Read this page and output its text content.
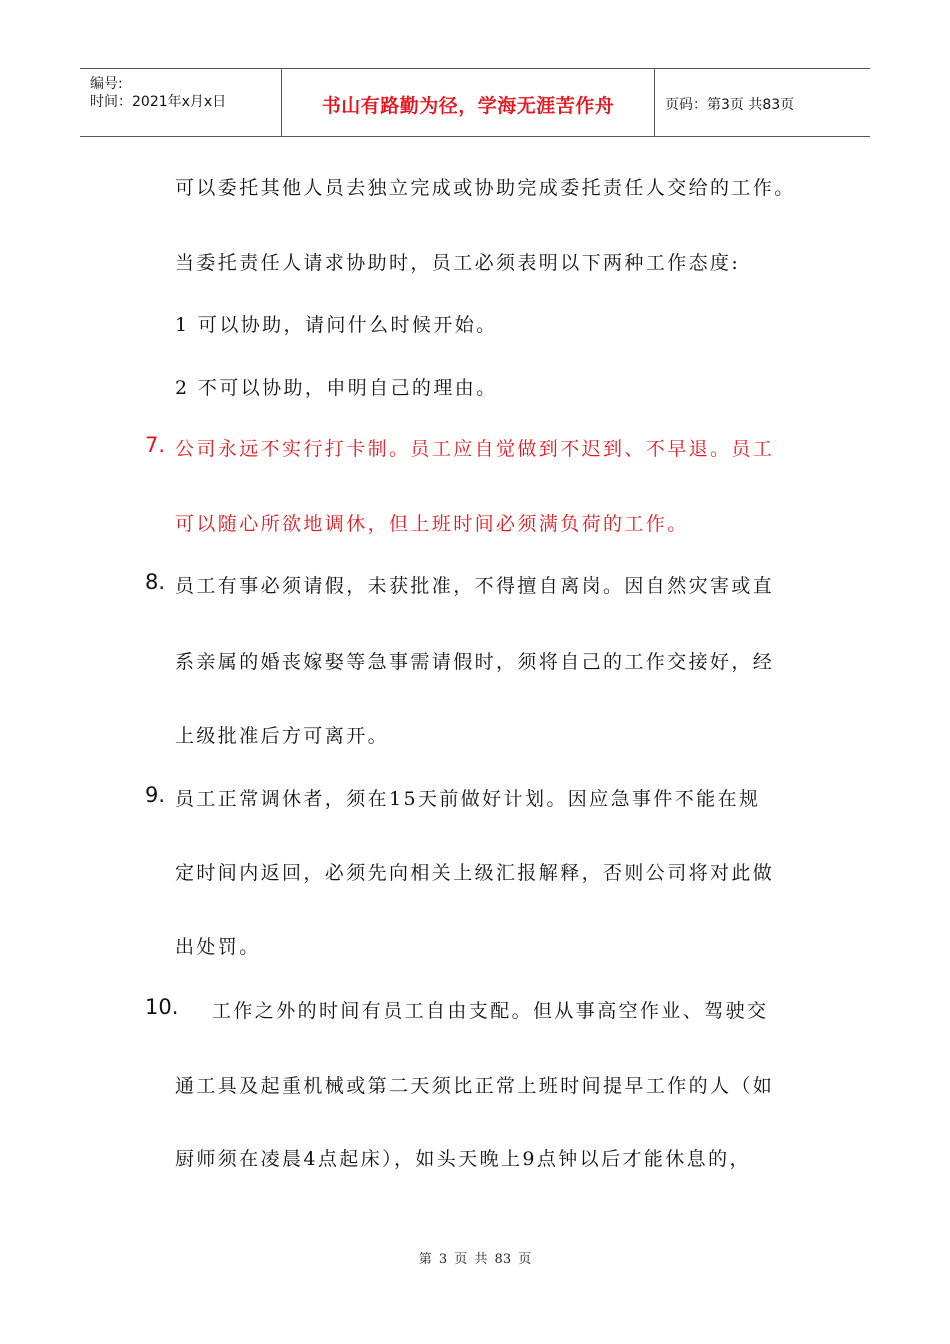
编号:
时间：2021年x月x日	书山有路勤为径，学海无涯苦作舟	页码：第3页 共83页
可以委托其他人员去独立完成或协助完成委托责任人交给的工作。
当委托责任人请求协助时，员工必须表明以下两种工作态度:
1 可以协助，请问什么时候开始。
2 不可以协助，申明自己的理由。
7. 公司永远不实行打卡制。员工应自觉做到不迟到、不早退。员工
可以随心所欲地调休，但上班时间必须满负荷的工作。
8. 员工有事必须请假，未获批准，不得擅自离岗。因自然灾害或直
系亲属的婚丧嫁娶等急事需请假时，须将自己的工作交接好，经
上级批准后方可离开。
9. 员工正常调休者，须在15天前做好计划。因应急事件不能在规
定时间内返回，必须先向相关上级汇报解释，否则公司将对此做
出处罚。
10. 工作之外的时间有员工自由支配。但从事高空作业、驾驶交
通工具及起重机械或第二天须比正常上班时间提早工作的人（如
厨师须在凌晨4点起床），如头天晚上9点钟以后才能休息的，
第 3 页 共 83 页
